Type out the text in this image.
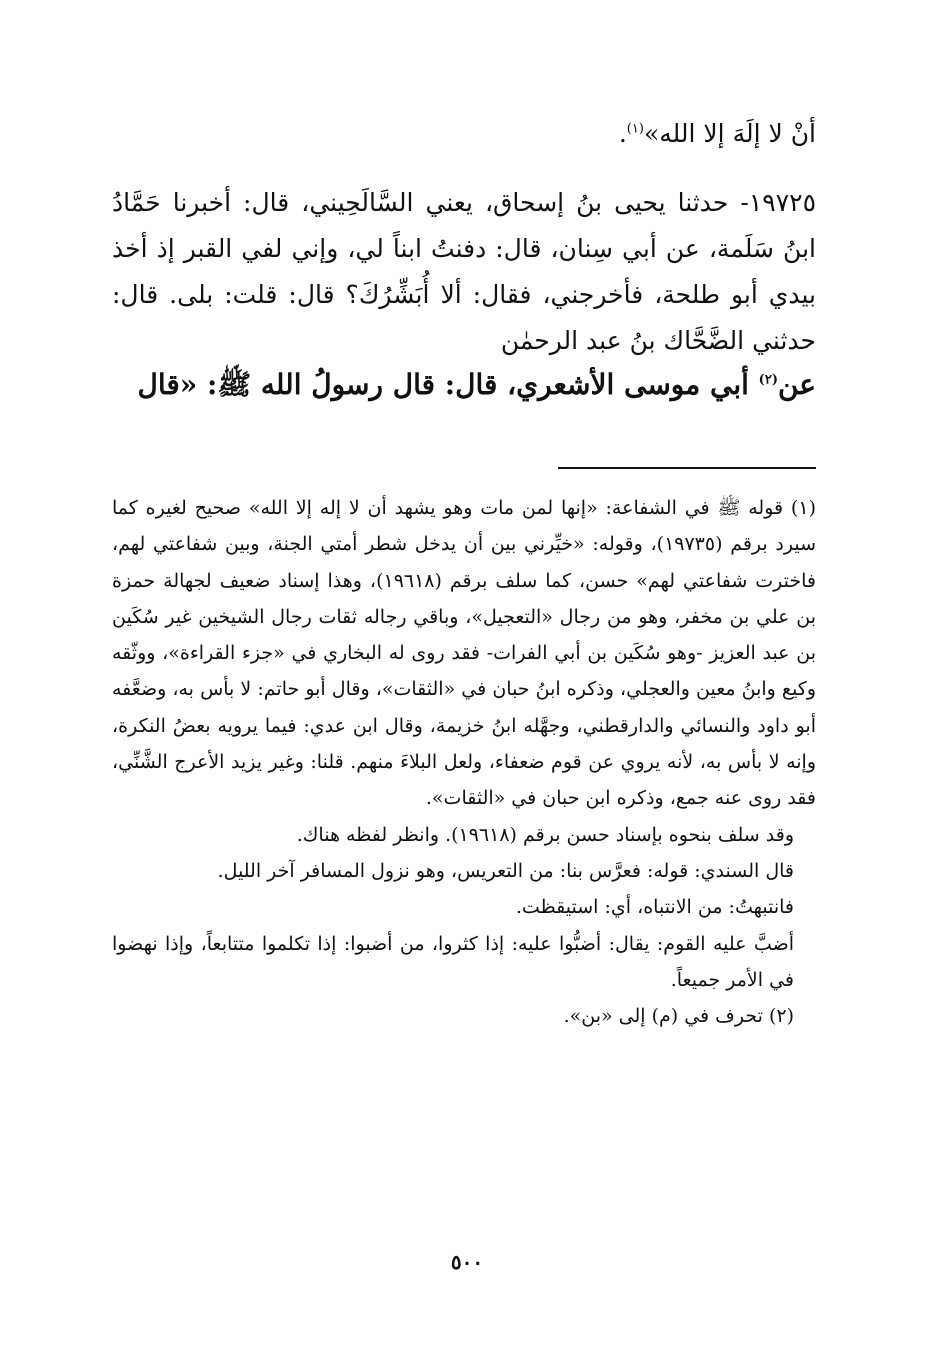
أنْ لا إلَهَ إلا الله»$^{(١)}$.

١٩٧٢٥- حدثنا يحيى بنُ إسحاق، يعني السَّالَحِيني، قال: أخبرنا حَمَّادُ ابنُ سَلَمة، عن أبي سِنان، قال: دفنتُ ابناً لي، وإني لفي القبر إذ أخذ بيدي أبو طلحة، فأخرجني، فقال: ألا أُبَشِّرُكَ؟ قال: قلت: بلى. قال: حدثني الضَّحَّاك بنُ عبد الرحمٰن

عن$^{(٢)}$ أبي موسى الأشعري، قال: قال رسولُ الله ﷺ: «قال

(١) قوله ﷺ في الشفاعة: «إنها لمن مات وهو يشهد أن لا إله إلا الله» صحيح لغيره كما سيرد برقم (١٩٧٣٥)، وقوله: «خيِّرني بين أن يدخل شطر أمتي الجنة، وبين شفاعتي لهم، فاخترت شفاعتي لهم» حسن، كما سلف برقم (١٩٦١٨)، وهذا إسناد ضعيف لجهالة حمزة بن علي بن مخفر، وهو من رجال «التعجيل»، وباقي رجاله ثقات رجال الشيخين غير سُكَين بن عبد العزيز -وهو سُكَين بن أبي الفرات- فقد روى له البخاري في «جزء القراءة»، ووثّقه وكيع وابنُ معين والعجلي، وذكره ابنُ حبان في «الثقات»، وقال أبو حاتم: لا بأس به، وضعَّفه أبو داود والنسائي والدارقطني، وجهَّله ابنُ خزيمة، وقال ابن عدي: فيما يرويه بعضُ النكرة، وإنه لا بأس به، لأنه يروي عن قوم ضعفاء، ولعل البلاءَ منهم. قلنا: وغير يزيد الأعرج الشَّنِّي، فقد روى عنه جمع، وذكره ابن حبان في «الثقات».

وقد سلف بنحوه بإسناد حسن برقم (١٩٦١٨). وانظر لفظه هناك.

قال السندي: قوله: فعرَّس بنا: من التعريس، وهو نزول المسافر آخر الليل.

فانتبهتُ: من الانتباه، أي: استيقظت.

أضبَّ عليه القوم: يقال: أضبُّوا عليه: إذا كثروا، من أضبوا: إذا تكلموا متتابعاً، وإذا نهضوا في الأمر جميعاً.

(٢) تحرف في (م) إلى «بن».

٥٠٠
